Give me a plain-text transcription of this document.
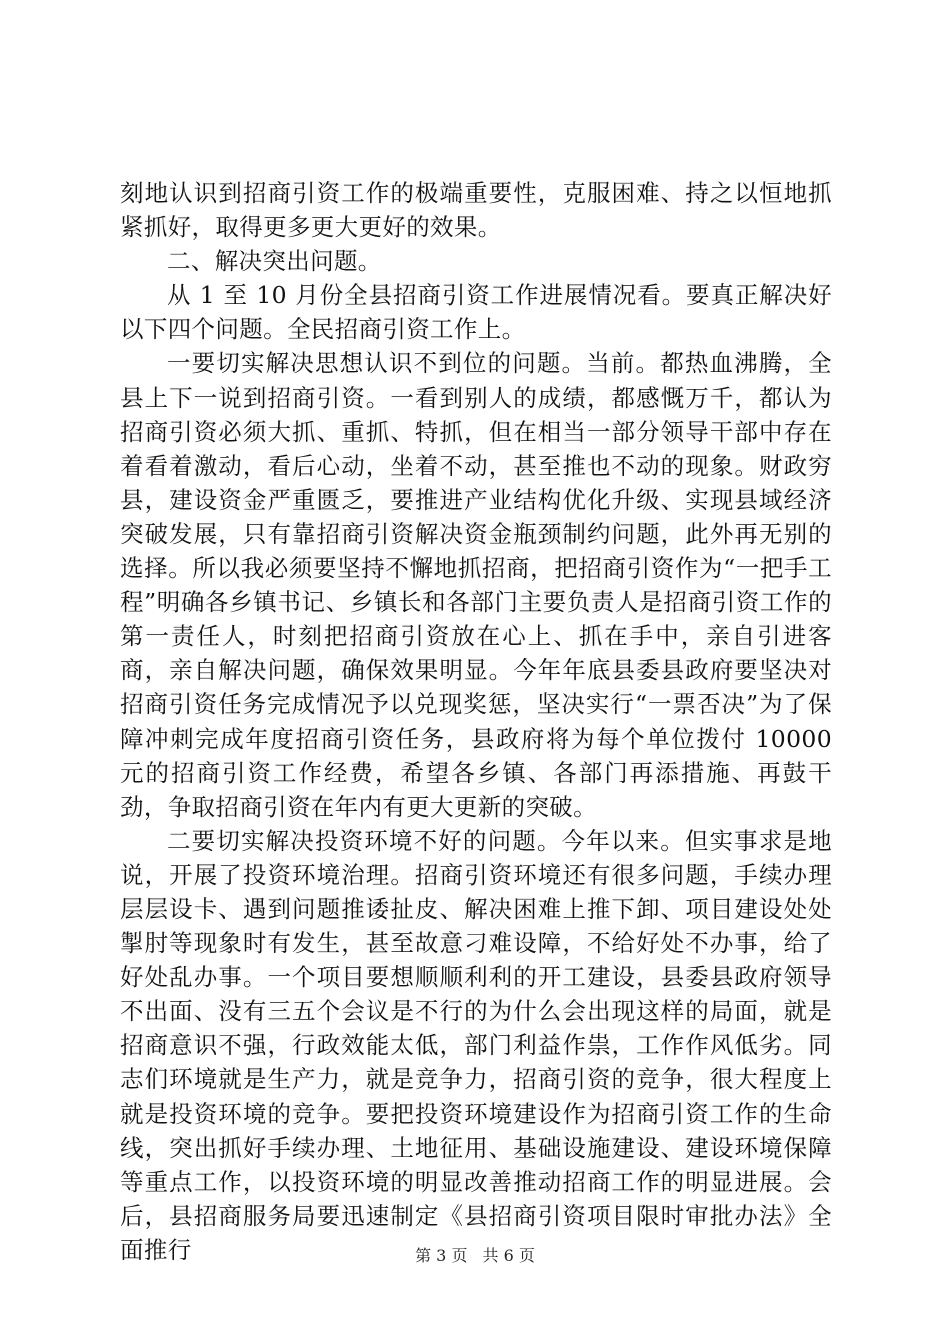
刻地认识到招商引资工作的极端重要性，克服困难、持之以恒地抓紧抓好，取得更多更大更好的效果。

二、解决突出问题。

从 1 至 10 月份全县招商引资工作进展情况看。要真正解决好以下四个问题。全民招商引资工作上。

一要切实解决思想认识不到位的问题。当前。都热血沸腾，全县上下一说到招商引资。一看到别人的成绩，都感慨万千，都认为招商引资必须大抓、重抓、特抓，但在相当一部分领导干部中存在着看着激动，看后心动，坐着不动，甚至推也不动的现象。财政穷县，建设资金严重匮乏，要推进产业结构优化升级、实现县域经济突破发展，只有靠招商引资解决资金瓶颈制约问题，此外再无别的选择。所以我必须要坚持不懈地抓招商，把招商引资作为“一把手工程”明确各乡镇书记、乡镇长和各部门主要负责人是招商引资工作的第一责任人，时刻把招商引资放在心上、抓在手中，亲自引进客商，亲自解决问题，确保效果明显。今年年底县委县政府要坚决对招商引资任务完成情况予以兑现奖惩，坚决实行“一票否决”为了保障冲刺完成年度招商引资任务，县政府将为每个单位拨付 10000 元的招商引资工作经费，希望各乡镇、各部门再添措施、再鼓干劲，争取招商引资在年内有更大更新的突破。

二要切实解决投资环境不好的问题。今年以来。但实事求是地说，开展了投资环境治理。招商引资环境还有很多问题，手续办理层层设卡、遇到问题推诿扯皮、解决困难上推下卸、项目建设处处掣肘等现象时有发生，甚至故意刁难设障，不给好处不办事，给了好处乱办事。一个项目要想顺顺利利的开工建设，县委县政府领导不出面、没有三五个会议是不行的为什么会出现这样的局面，就是招商意识不强，行政效能太低，部门利益作祟，工作作风低劣。同志们环境就是生产力，就是竞争力，招商引资的竞争，很大程度上就是投资环境的竞争。要把投资环境建设作为招商引资工作的生命线，突出抓好手续办理、土地征用、基础设施建设、建设环境保障等重点工作，以投资环境的明显改善推动招商工作的明显进展。会后，县招商服务局要迅速制定《县招商引资项目限时审批办法》全面推行	第 3 页 共 6 页
